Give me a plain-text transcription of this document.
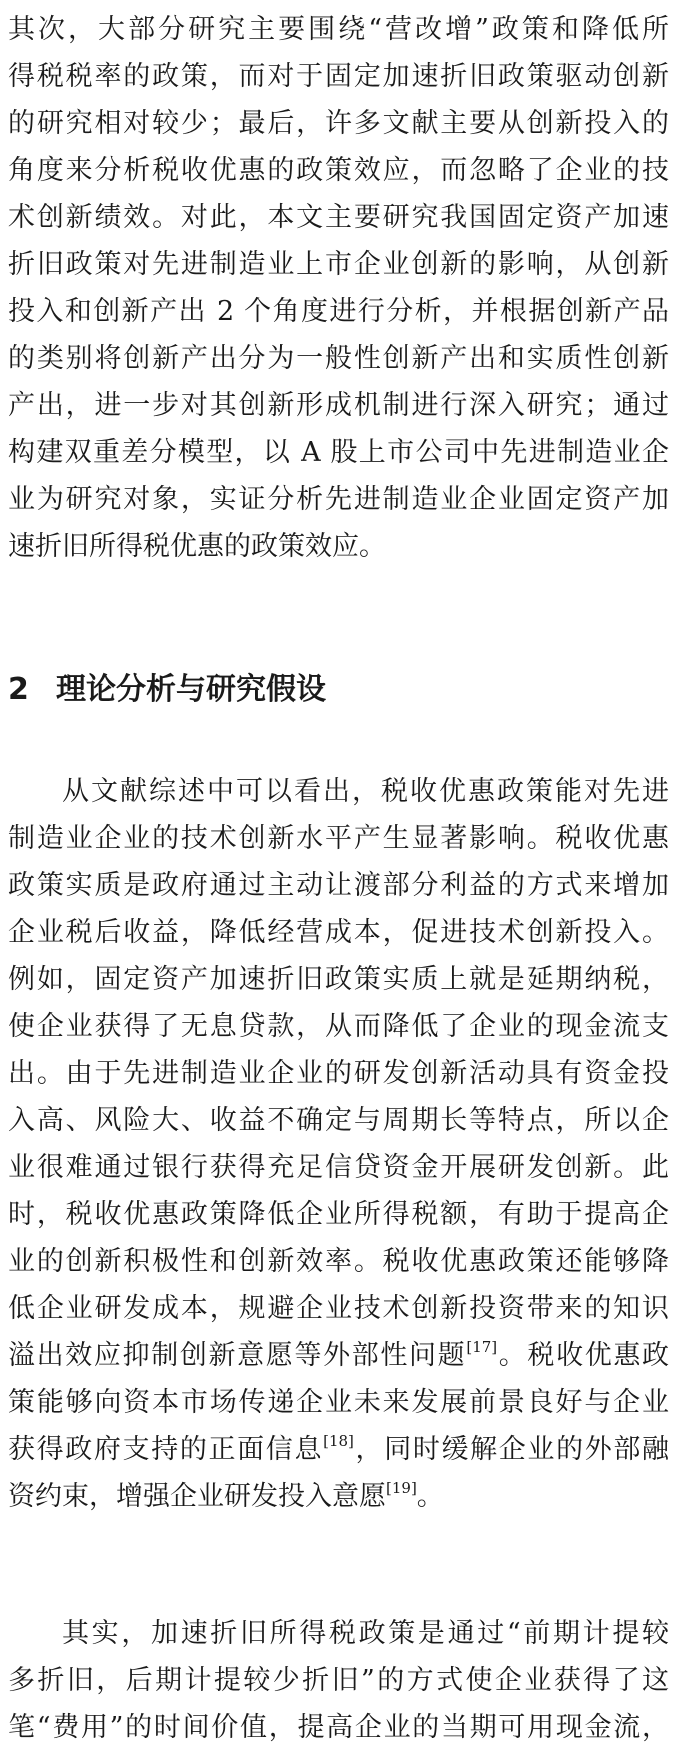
其次，大部分研究主要围绕“营改增”政策和降低所
得税税率的政策，而对于固定加速折旧政策驱动创新
的研究相对较少；最后，许多文献主要从创新投入的
角度来分析税收优惠的政策效应，而忽略了企业的技
术创新绩效。对此，本文主要研究我国固定资产加速
折旧政策对先进制造业上市企业创新的影响，从创新
投入和创新产出 2 个角度进行分析，并根据创新产品
的类别将创新产出分为一般性创新产出和实质性创新
产出，进一步对其创新形成机制进行深入研究；通过
构建双重差分模型，以 A 股上市公司中先进制造业企
业为研究对象，实证分析先进制造业企业固定资产加
速折旧所得税优惠的政策效应。
2 理论分析与研究假设
从文献综述中可以看出，税收优惠政策能对先进
制造业企业的技术创新水平产生显著影响。税收优惠
政策实质是政府通过主动让渡部分利益的方式来增加
企业税后收益，降低经营成本，促进技术创新投入。
例如，固定资产加速折旧政策实质上就是延期纳税，
使企业获得了无息贷款，从而降低了企业的现金流支
出。由于先进制造业企业的研发创新活动具有资金投
入高、风险大、收益不确定与周期长等特点，所以企
业很难通过银行获得充足信贷资金开展研发创新。此
时，税收优惠政策降低企业所得税额，有助于提高企
业的创新积极性和创新效率。税收优惠政策还能够降
低企业研发成本，规避企业技术创新投资带来的知识
溢出效应抑制创新意愿等外部性问题[17]。税收优惠政
策能够向资本市场传递企业未来发展前景良好与企业
获得政府支持的正面信息[18]，同时缓解企业的外部融
资约束，增强企业研发投入意愿[19]。
其实，加速折旧所得税政策是通过“前期计提较
多折旧，后期计提较少折旧”的方式使企业获得了这
笔“费用”的时间价值，提高企业的当期可用现金流，
